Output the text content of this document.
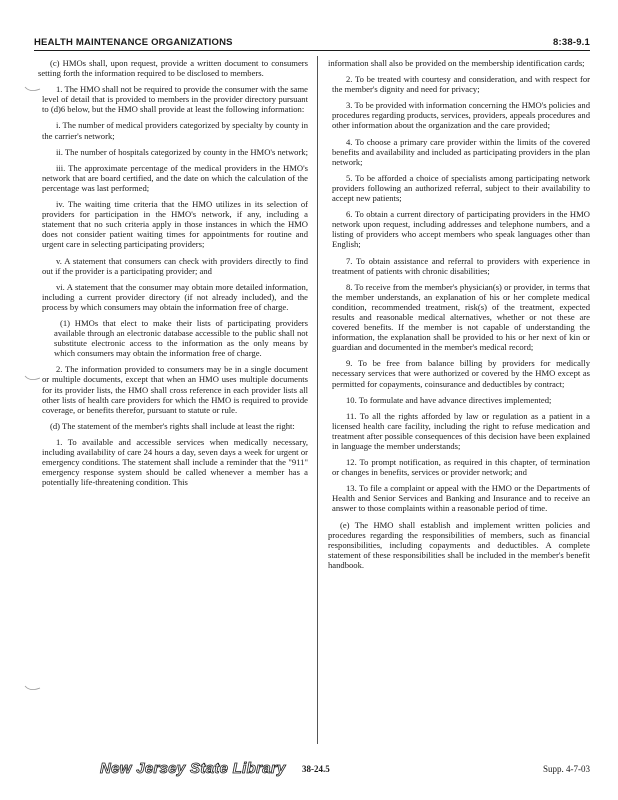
HEALTH MAINTENANCE ORGANIZATIONS	8:38-9.1

(c) HMOs shall, upon request, provide a written document to consumers setting forth the information required to be disclosed to members.

1. The HMO shall not be required to provide the consumer with the same level of detail that is provided to members in the provider directory pursuant to (d)6 below, but the HMO shall provide at least the following information:

i. The number of medical providers categorized by specialty by county in the carrier's network;

ii. The number of hospitals categorized by county in the HMO's network;

iii. The approximate percentage of the medical providers in the HMO's network that are board certified, and the date on which the calculation of the percentage was last performed;

iv. The waiting time criteria that the HMO utilizes in its selection of providers for participation in the HMO's network, if any, including a statement that no such criteria apply in those instances in which the HMO does not consider patient waiting times for appointments for routine and urgent care in selecting participating providers;

v. A statement that consumers can check with providers directly to find out if the provider is a participating provider; and

vi. A statement that the consumer may obtain more detailed information, including a current provider directory (if not already included), and the process by which consumers may obtain the information free of charge.

(1) HMOs that elect to make their lists of participating providers available through an electronic database accessible to the public shall not substitute electronic access to the information as the only means by which consumers may obtain the information free of charge.

2. The information provided to consumers may be in a single document or multiple documents, except that when an HMO uses multiple documents for its provider lists, the HMO shall cross reference in each provider lists all other lists of health care providers for which the HMO is required to provide coverage, or benefits therefor, pursuant to statute or rule.

(d) The statement of the member's rights shall include at least the right:

1. To available and accessible services when medically necessary, including availability of care 24 hours a day, seven days a week for urgent or emergency conditions. The statement shall include a reminder that the "911" emergency response system should be called whenever a member has a potentially life-threatening condition. This

information shall also be provided on the membership identification cards;

2. To be treated with courtesy and consideration, and with respect for the member's dignity and need for privacy;

3. To be provided with information concerning the HMO's policies and procedures regarding products, services, providers, appeals procedures and other information about the organization and the care provided;

4. To choose a primary care provider within the limits of the covered benefits and availability and included as participating providers in the plan network;

5. To be afforded a choice of specialists among participating network providers following an authorized referral, subject to their availability to accept new patients;

6. To obtain a current directory of participating providers in the HMO network upon request, including addresses and telephone numbers, and a listing of providers who accept members who speak languages other than English;

7. To obtain assistance and referral to providers with experience in treatment of patients with chronic disabilities;

8. To receive from the member's physician(s) or provider, in terms that the member understands, an explanation of his or her complete medical condition, recommended treatment, risk(s) of the treatment, expected results and reasonable medical alternatives, whether or not these are covered benefits. If the member is not capable of understanding the information, the explanation shall be provided to his or her next of kin or guardian and documented in the member's medical record;

9. To be free from balance billing by providers for medically necessary services that were authorized or covered by the HMO except as permitted for copayments, coinsurance and deductibles by contract;

10. To formulate and have advance directives implemented;

11. To all the rights afforded by law or regulation as a patient in a licensed health care facility, including the right to refuse medication and treatment after possible consequences of this decision have been explained in language the member understands;

12. To prompt notification, as required in this chapter, of termination or changes in benefits, services or provider network; and

13. To file a complaint or appeal with the HMO or the Departments of Health and Senior Services and Banking and Insurance and to receive an answer to those complaints within a reasonable period of time.

(e) The HMO shall establish and implement written policies and procedures regarding the responsibilities of members, such as financial responsibilities, including copayments and deductibles. A complete statement of these responsibilities shall be included in the member's benefit handbook.

New Jersey State Library 38-24.5	Supp. 4-7-03
